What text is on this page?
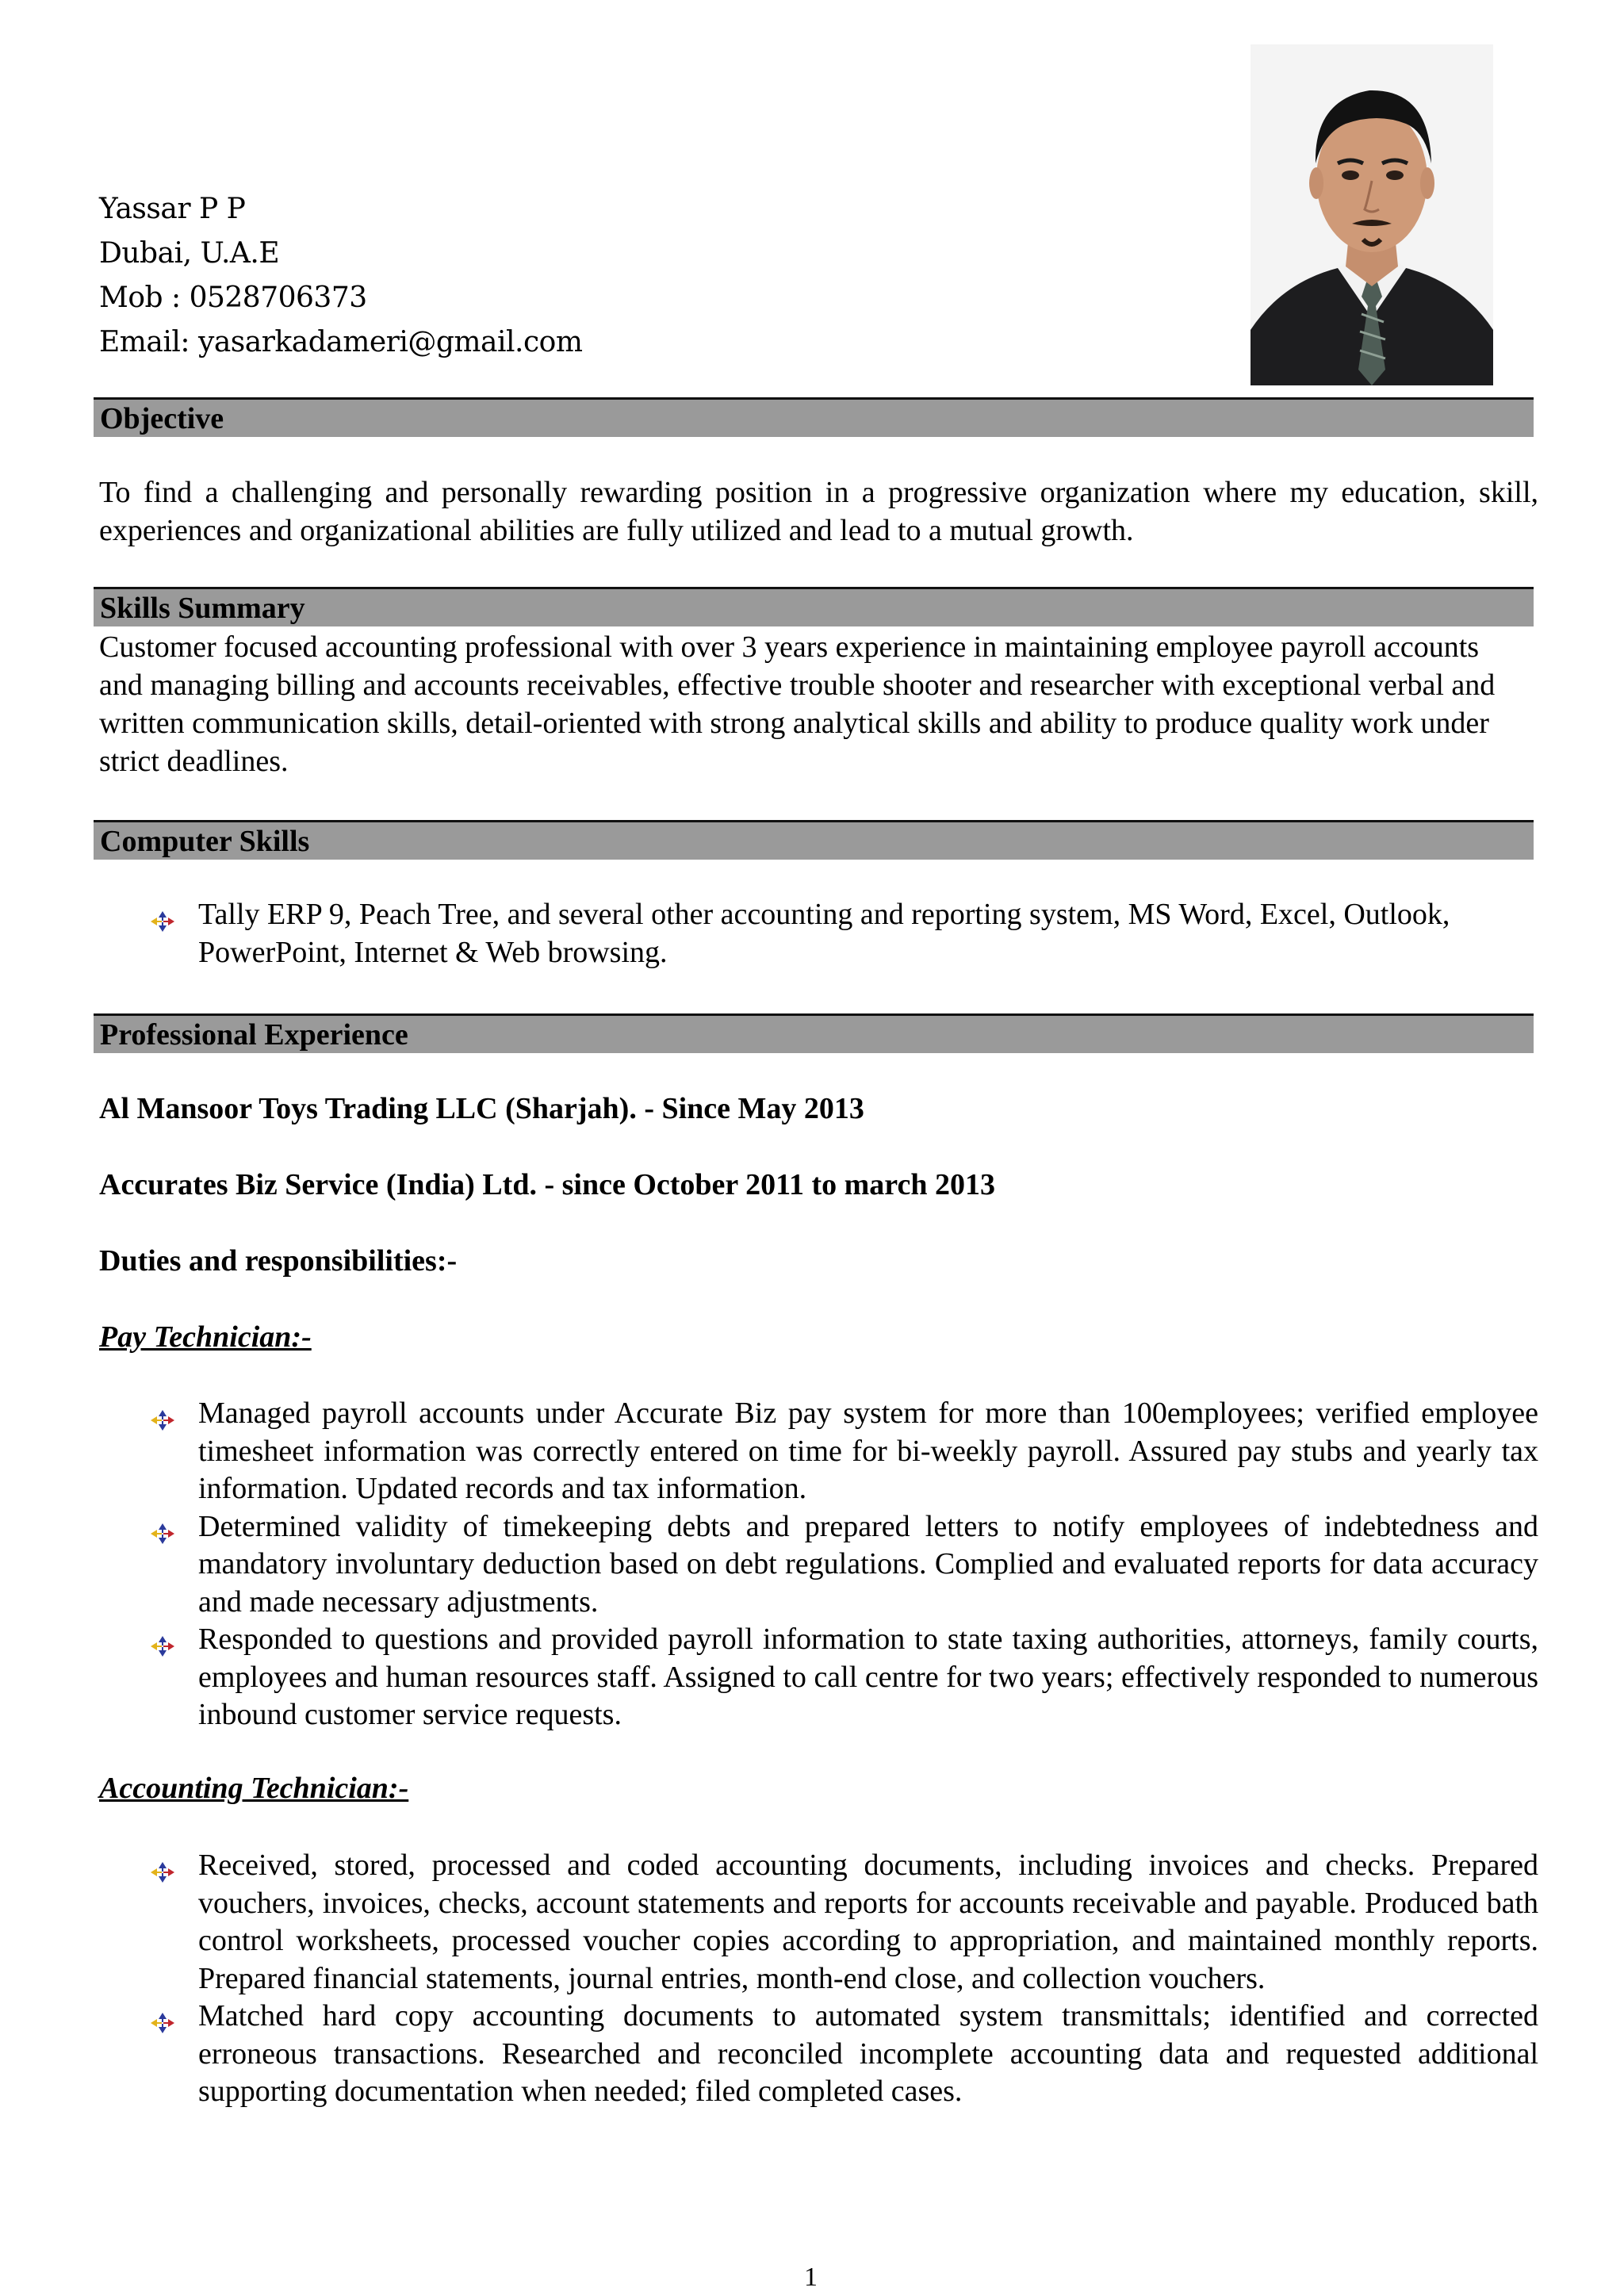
Yassar P P
Dubai, U.A.E
Mob : 0528706373
Email: yasarkadameri@gmail.com
Objective
To find a challenging and personally rewarding position in a progressive organization where my education, skill, experiences and organizational abilities are fully utilized and lead to a mutual growth.
Skills Summary
Customer focused accounting professional with over 3 years experience in maintaining employee payroll accounts and managing billing and accounts receivables, effective trouble shooter and researcher with exceptional verbal and written communication skills, detail-oriented with strong analytical skills and ability to produce quality work under strict deadlines.
Computer Skills
Tally ERP 9, Peach Tree, and several other accounting and reporting system, MS Word, Excel, Outlook, PowerPoint, Internet & Web browsing.
Professional Experience
Al Mansoor Toys Trading LLC (Sharjah). - Since May 2013
Accurates Biz Service (India) Ltd. - since October 2011 to march 2013
Duties and responsibilities:-
Pay Technician:-
Managed payroll accounts under Accurate Biz pay system for more than 100employees; verified employee timesheet information was correctly entered on time for bi-weekly payroll. Assured pay stubs and yearly tax information. Updated records and tax information.
Determined validity of timekeeping debts and prepared letters to notify employees of indebtedness and mandatory involuntary deduction based on debt regulations. Complied and evaluated reports for data accuracy and made necessary adjustments.
Responded to questions and provided payroll information to state taxing authorities, attorneys, family courts, employees and human resources staff. Assigned to call centre for two years; effectively responded to numerous inbound customer service requests.
Accounting Technician:-
Received, stored, processed and coded accounting documents, including invoices and checks. Prepared vouchers, invoices, checks, account statements and reports for accounts receivable and payable. Produced bath control worksheets, processed voucher copies according to appropriation, and maintained monthly reports. Prepared financial statements, journal entries, month-end close, and collection vouchers.
Matched hard copy accounting documents to automated system transmittals; identified and corrected erroneous transactions. Researched and reconciled incomplete accounting data and requested additional supporting documentation when needed; filed completed cases.
1
